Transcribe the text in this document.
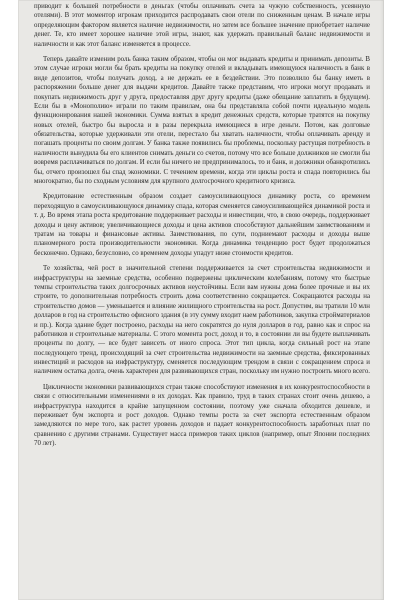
приводит к большей потребности в деньгах (чтобы оплачивать счета за чужую собственность, усеянную отелями). В этот моментор игрокам приходится распродавать свои отели по сниженным ценам. В начале игры определяющим фактором является наличие недвижимости, но затем все большее значение приобретает наличие денег. Те, кто имеет хорошее наличие этой игры, знают, как удержать правильный баланс недвижимости и наличности и как этот баланс изменяется в процессе.

Теперь давайте изменим роль банка таким образом, чтобы он мог выдавать кредиты и принимать депозиты. В этом случае игроки могли бы брать кредиты на покупку отелей и вкладывать имеющуюся наличность в банк в виде депозитов, чтобы получать доход, а не держать ее в бездействии. Это позволило бы банку иметь в распоряжении больше денег для выдачи кредитов. Давайте также представим, что игроки могут продавать и покупать недвижимость друг у друга, предоставляя друг другу кредиты (даже обещание заплатить в будущем). Если бы в «Монополию» играли по таким правилам, она бы представляла собой почти идеальную модель функционирования нашей экономики. Сумма взятых в кредит денежных средств, которые тратятся на покупку новых отелей, быстро бы выросла и в разы перекрыла имеющиеся в игре деньги. Потом, как долговые обязательства, которые удерживали эти отели, перестало бы хватать наличности, чтобы оплачивать аренду и погашать проценты по своим долгам. У банка также появились бы проблемы, поскольку растущая потребность в наличности вынудила бы его клиентов снимать деньги со счетов, потому что все больше должников не смогли бы вовремя расплачиваться по долгам. И если бы ничего не предпринималось, то и банк, и должники обанкротились бы, отчего произошел бы спад экономики. С течением времени, когда эти циклы роста и спада повторились бы многократно, бы по сходным условиям для крупного долгосрочного кредитного кризиса.

Кредитование естественным образом создает самоусиливающуюся динамику роста, со временем переходящую в самоусиливающуюся динамику спада, которая сменяется самоусиливающейся динамикой роста и т. д. Во время этапа роста кредитование поддерживает расходы и инвестиции, что, в свою очередь, поддерживает доходы и цену активов; увеличивающиеся доходы и цена активов способствуют дальнейшим заимствованиям и тратам на товары и финансовые активы. Заимствования, по сути, подниемают расходы и доходы выше планомерного роста производительности экономики. Когда динамика тенденцию рост будет продолжаться бесконечно. Однако, безусловно, со временем доходы упадут ниже стоимости кредитов.

Те хозяйства, чей рост в значительной степени поддерживается за счет строительства недвижимости и инфраструктуры на заемные средства, особенно подвержены циклическим колебаниям, потому что быстрые темпы строительства таких долгосрочных активов неустойчивы. Если вам нужны дома более прочные и вы их строите, то дополнительная потребность строить дома соответственно сокращается. Сокращаются расходы на строительство домов — уменьшается и влияние жилищного строительства на рост. Допустим, вы тратили 10 млн долларов в год на строительство офисного здания (в эту сумму входит наем работников, закупка стройматериалов и пр.). Когда здание будет построено, расходы на него сократятся до нуля долларов в год, равно как и спрос на работников и строительные материалы. С этого момента рост, доход и то, в состоянии ли вы будете выплачивать проценты по долгу, — все будет зависеть от иного спроса. Этот тип цикла, когда сильный рост на этапе последующего тренд, происходящий за счет строительства недвижимости на заемные средства, фиксированных инвестиций и расходов на инфраструктуру, сменяется последующим трендом в связи с сокращением спроса и наличием остатка долга, очень характерен для развивающихся стран, поскольку им нужно построить много всего.

Цикличности экономики развивающихся стран также способствуют изменения в их конкурентоспособности в связи с относительными изменениями в их доходах. Как правило, труд в таких странах стоит очень дешево, а инфраструктура находится в крайне запущенном состоянии, поэтому уже сначала обходится дешевле, и переживает бум экспорта и рост доходов. Однако темпы роста за счет экспорта естественным образом замедляются по мере того, как растет уровень доходов и падает конкурентоспособность заработных плат по сравнению с другими странами. Существует масса примеров таких циклов (например, опыт Японии последних 70 лет).
